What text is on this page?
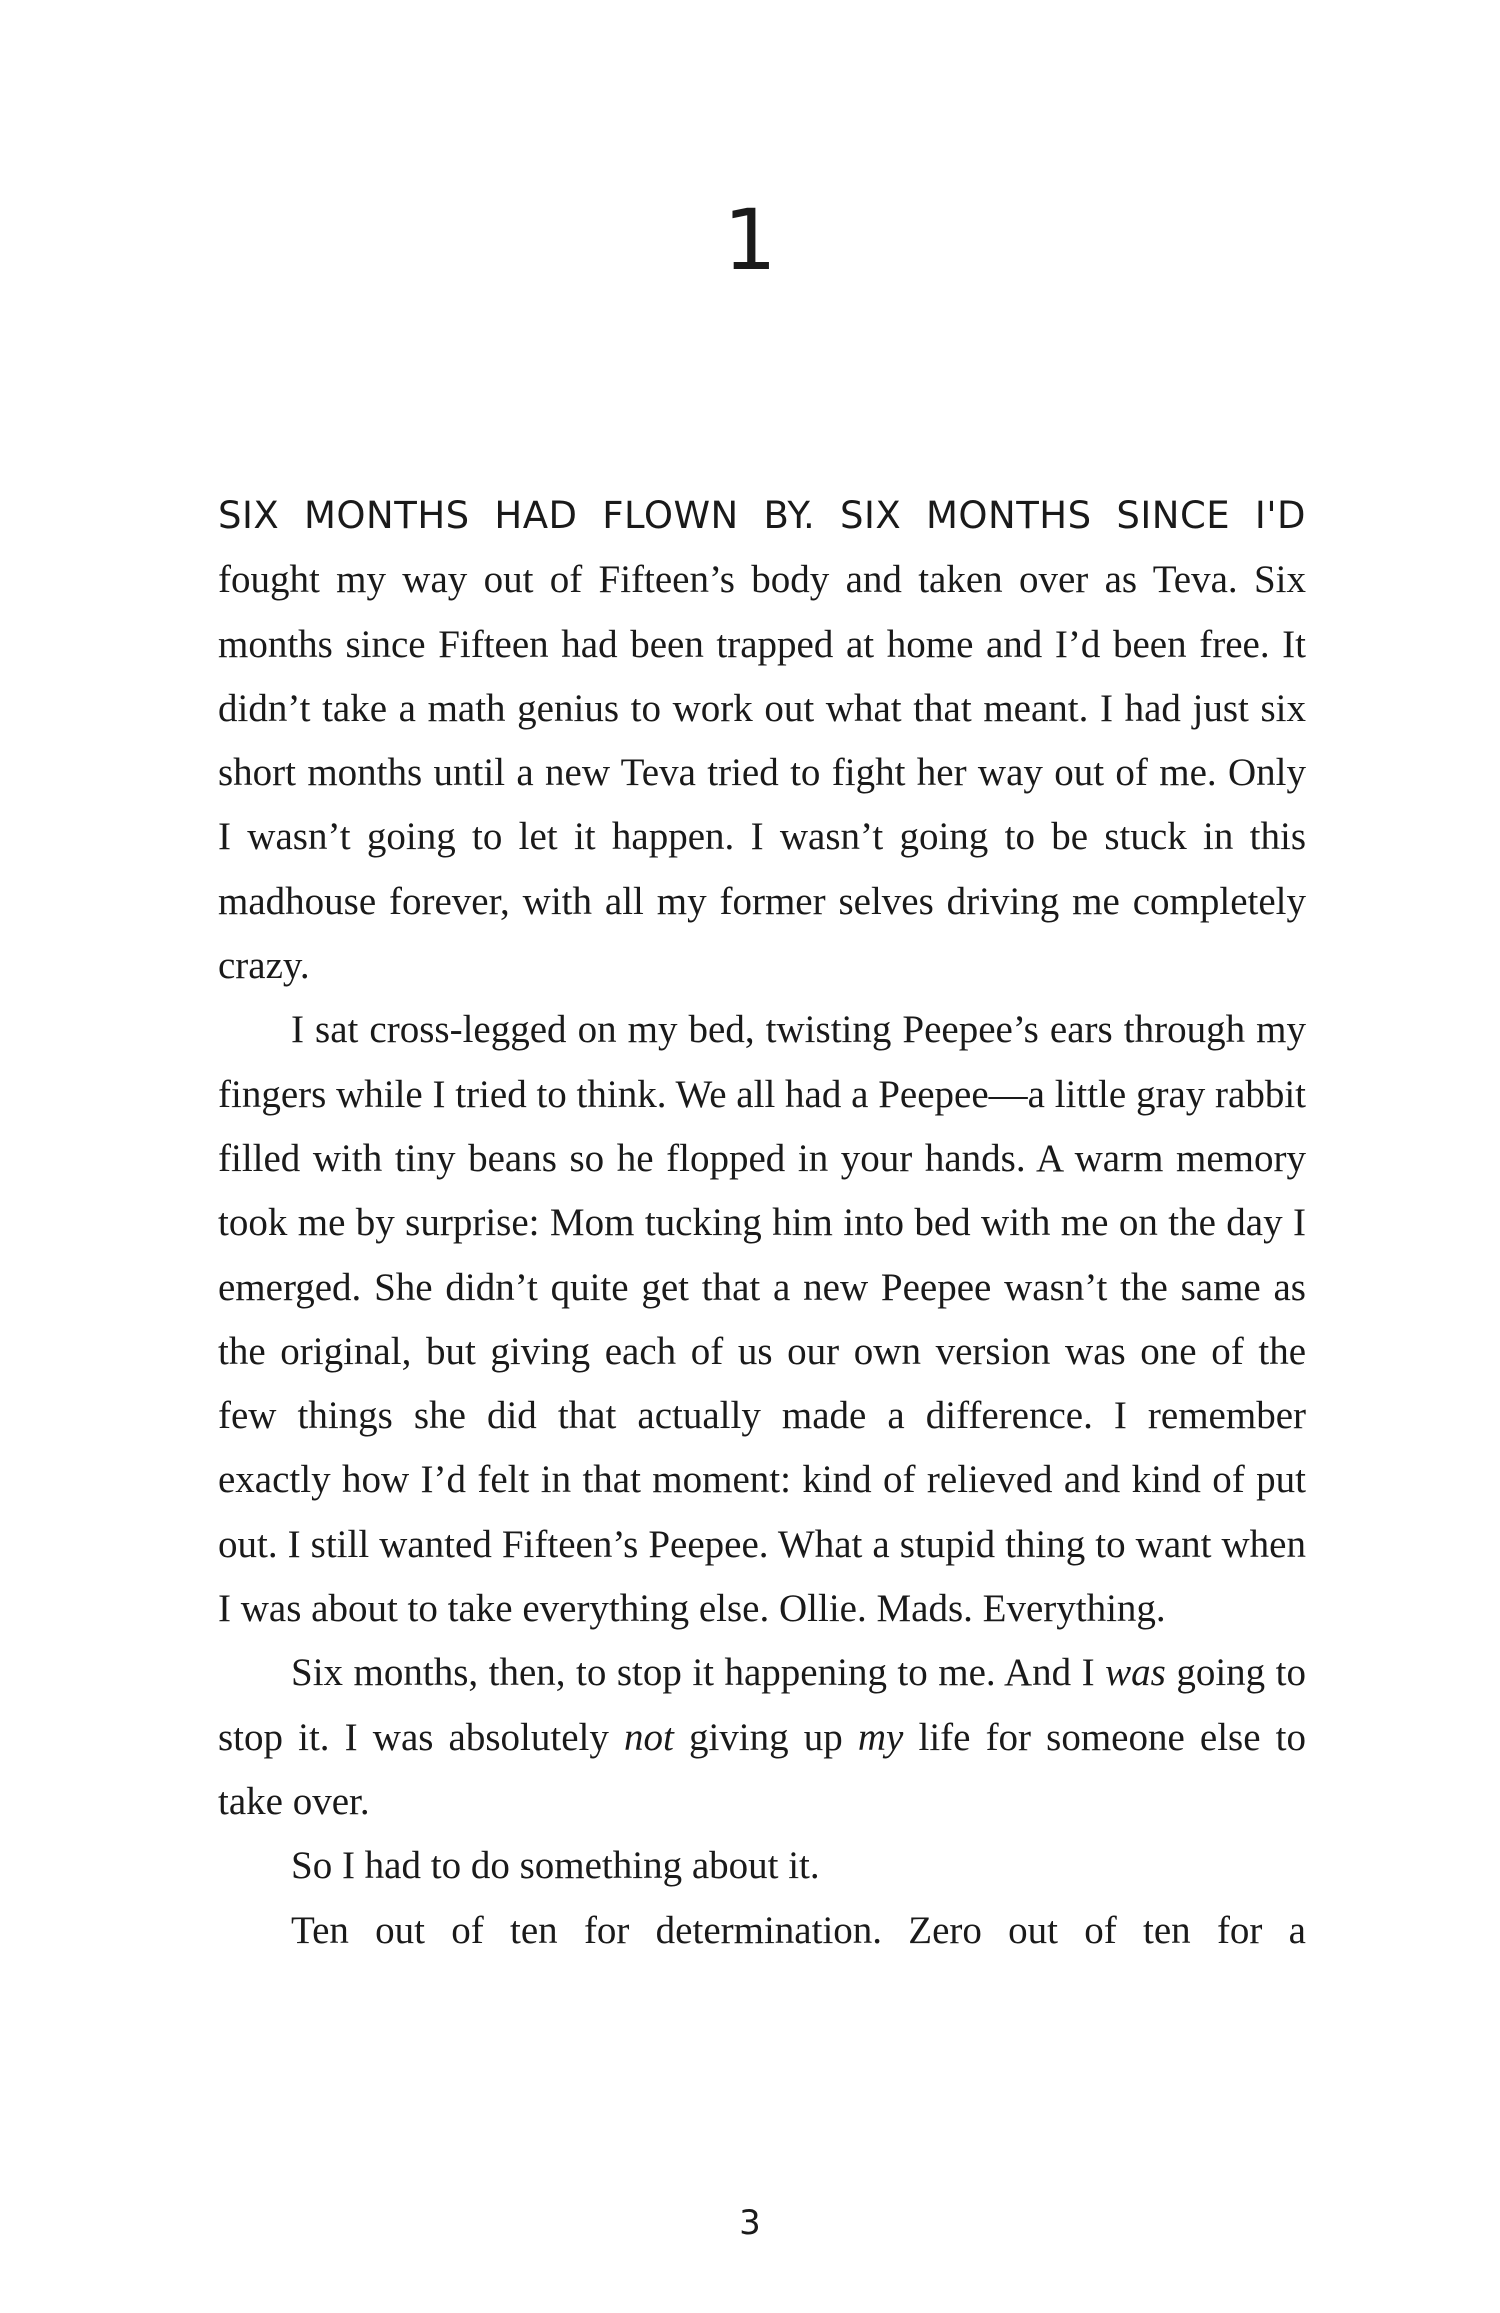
1

SIX MONTHS HAD FLOWN BY. SIX MONTHS SINCE I'D fought my way out of Fifteen’s body and taken over as Teva. Six months since Fifteen had been trapped at home and I’d been free. It didn’t take a math genius to work out what that meant. I had just six short months until a new Teva tried to fight her way out of me. Only I wasn’t going to let it happen. I wasn’t going to be stuck in this madhouse forever, with all my former selves driving me completely crazy.

I sat cross-legged on my bed, twisting Peepee’s ears through my fingers while I tried to think. We all had a Peepee—a little gray rabbit filled with tiny beans so he flopped in your hands. A warm memory took me by surprise: Mom tucking him into bed with me on the day I emerged. She didn’t quite get that a new Peepee wasn’t the same as the original, but giving each of us our own version was one of the few things she did that actually made a difference. I remember exactly how I’d felt in that moment: kind of relieved and kind of put out. I still wanted Fifteen’s Peepee. What a stupid thing to want when I was about to take everything else. Ollie. Mads. Everything.

Six months, then, to stop it happening to me. And I was going to stop it. I was absolutely not giving up my life for someone else to take over.

So I had to do something about it.

Ten out of ten for determination. Zero out of ten for a

3
